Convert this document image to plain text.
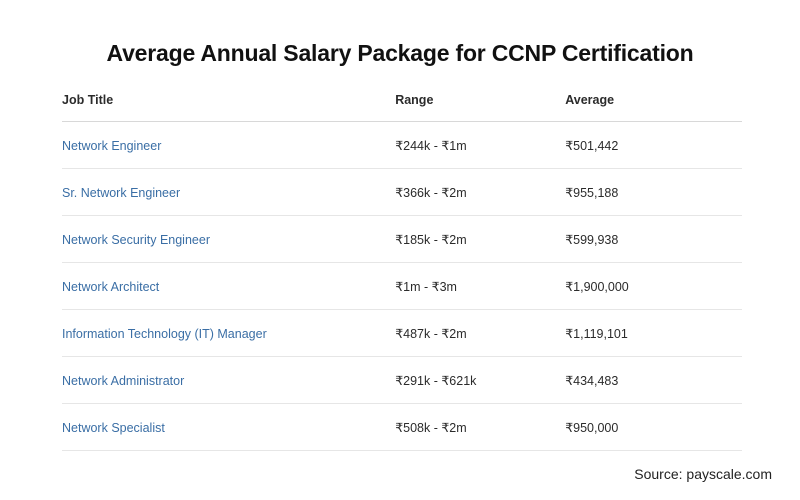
Average Annual Salary Package for CCNP Certification
Job Title	Range	Average
Network Engineer	₹244k - ₹1m	₹501,442
Sr. Network Engineer	₹366k - ₹2m	₹955,188
Network Security Engineer	₹185k - ₹2m	₹599,938
Network Architect	₹1m - ₹3m	₹1,900,000
Information Technology (IT) Manager	₹487k - ₹2m	₹1,119,101
Network Administrator	₹291k - ₹621k	₹434,483
Network Specialist	₹508k - ₹2m	₹950,000
Source: payscale.com
